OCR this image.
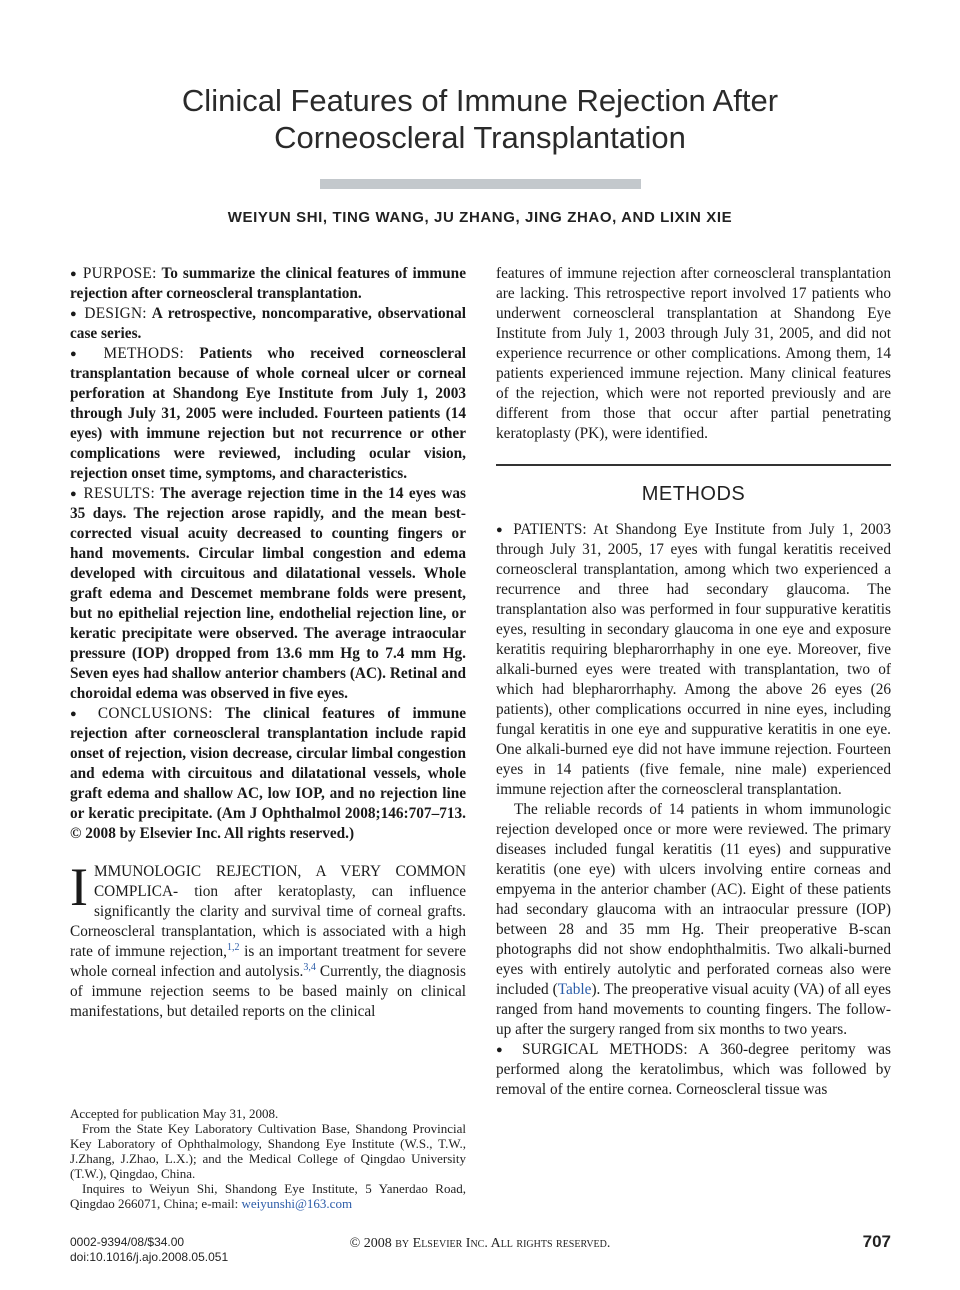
Clinical Features of Immune Rejection After
Corneoscleral Transplantation
WEIYUN SHI, TING WANG, JU ZHANG, JING ZHAO, AND LIXIN XIE

● PURPOSE: To summarize the clinical features of immune rejection after corneoscleral transplantation.

● DESIGN: A retrospective, noncomparative, observational case series.

● METHODS: Patients who received corneoscleral transplantation because of whole corneal ulcer or corneal perforation at Shandong Eye Institute from July 1, 2003 through July 31, 2005 were included. Fourteen patients (14 eyes) with immune rejection but not recurrence or other complications were reviewed, including ocular vision, rejection onset time, symptoms, and characteristics.

● RESULTS: The average rejection time in the 14 eyes was 35 days. The rejection arose rapidly, and the mean best-corrected visual acuity decreased to counting fingers or hand movements. Circular limbal congestion and edema developed with circuitous and dilatational vessels. Whole graft edema and Descemet membrane folds were present, but no epithelial rejection line, endothelial rejection line, or keratic precipitate were observed. The average intraocular pressure (IOP) dropped from 13.6 mm Hg to 7.4 mm Hg. Seven eyes had shallow anterior chambers (AC). Retinal and choroidal edema was observed in five eyes.

● CONCLUSIONS: The clinical features of immune rejection after corneoscleral transplantation include rapid onset of rejection, vision decrease, circular limbal congestion and edema with circuitous and dilatational vessels, whole graft edema and shallow AC, low IOP, and no rejection line or keratic precipitate. (Am J Ophthalmol 2008;146:707–713. © 2008 by Elsevier Inc. All rights reserved.)

IMMUNOLOGIC REJECTION, A VERY COMMON COMPLICA- tion after keratoplasty, can influence significantly the clarity and survival time of corneal grafts. Corneoscleral transplantation, which is associated with a high rate of immune rejection,$^{1,2}$ is an important treatment for severe whole corneal infection and autolysis.$^{3,4}$ Currently, the diagnosis of immune rejection seems to be based mainly on clinical manifestations, but detailed reports on the clinical

Accepted for publication May 31, 2008.

From the State Key Laboratory Cultivation Base, Shandong Provincial Key Laboratory of Ophthalmology, Shandong Eye Institute (W.S., T.W., J.Zhang, J.Zhao, L.X.); and the Medical College of Qingdao University (T.W.), Qingdao, China.

Inquires to Weiyun Shi, Shandong Eye Institute, 5 Yanerdao Road, Qingdao 266071, China; e-mail: weiyunshi@163.com

features of immune rejection after corneoscleral transplantation are lacking. This retrospective report involved 17 patients who underwent corneoscleral transplantation at Shandong Eye Institute from July 1, 2003 through July 31, 2005, and did not experience recurrence or other complications. Among them, 14 patients experienced immune rejection. Many clinical features of the rejection, which were not reported previously and are different from those that occur after partial penetrating keratoplasty (PK), were identified.

METHODS

● PATIENTS: At Shandong Eye Institute from July 1, 2003 through July 31, 2005, 17 eyes with fungal keratitis received corneoscleral transplantation, among which two experienced a recurrence and three had secondary glaucoma. The transplantation also was performed in four suppurative keratitis eyes, resulting in secondary glaucoma in one eye and exposure keratitis requiring blepharorrhaphy in one eye. Moreover, five alkali-burned eyes were treated with transplantation, two of which had blepharorrhaphy. Among the above 26 eyes (26 patients), other complications occurred in nine eyes, including fungal keratitis in one eye and suppurative keratitis in one eye. One alkali-burned eye did not have immune rejection. Fourteen eyes in 14 patients (five female, nine male) experienced immune rejection after the corneoscleral transplantation.

The reliable records of 14 patients in whom immunologic rejection developed once or more were reviewed. The primary diseases included fungal keratitis (11 eyes) and suppurative keratitis (one eye) with ulcers involving entire corneas and empyema in the anterior chamber (AC). Eight of these patients had secondary glaucoma with an intraocular pressure (IOP) between 28 and 35 mm Hg. Their preoperative B-scan photographs did not show endophthalmitis. Two alkali-burned eyes with entirely autolytic and perforated corneas also were included (Table). The preoperative visual acuity (VA) of all eyes ranged from hand movements to counting fingers. The follow-up after the surgery ranged from six months to two years.

● SURGICAL METHODS: A 360-degree peritomy was performed along the keratolimbus, which was followed by removal of the entire cornea. Corneoscleral tissue was

0002-9394/08/$34.00
doi:10.1016/j.ajo.2008.05.051
© 2008 by Elsevier Inc. All rights reserved.	707
